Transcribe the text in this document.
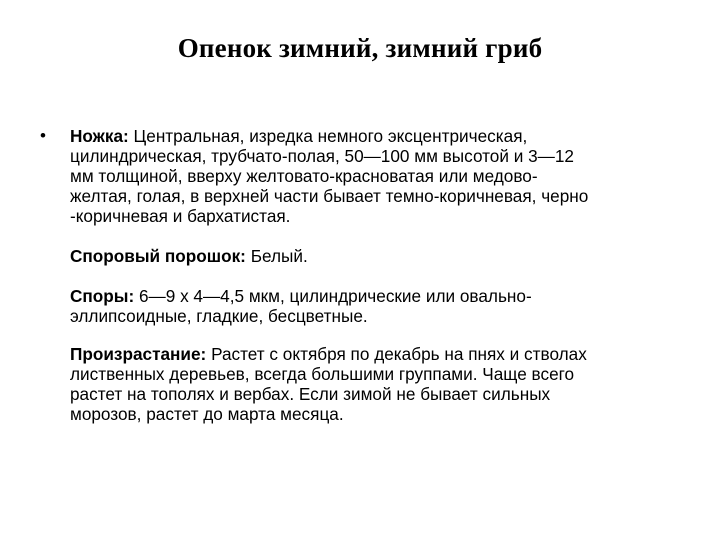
Опенок зимний, зимний гриб
• Ножка: Центральная, изредка немного эксцентрическая,
цилиндрическая, трубчато-полая, 50—100 мм высотой и 3—12
мм толщиной, вверху желтовато-красноватая или медово-
желтая, голая, в верхней части бывает темно-коричневая, черно
-коричневая и бархатистая.
Споровый порошок: Белый.
Споры: 6—9 х 4—4,5 мкм, цилиндрические или овально-
эллипсоидные, гладкие, бесцветные.
Произрастание: Растет с октября по декабрь на пнях и стволах
лиственных деревьев, всегда большими группами. Чаще всего
растет на тополях и вербах. Если зимой не бывает сильных
морозов, растет до марта месяца.
